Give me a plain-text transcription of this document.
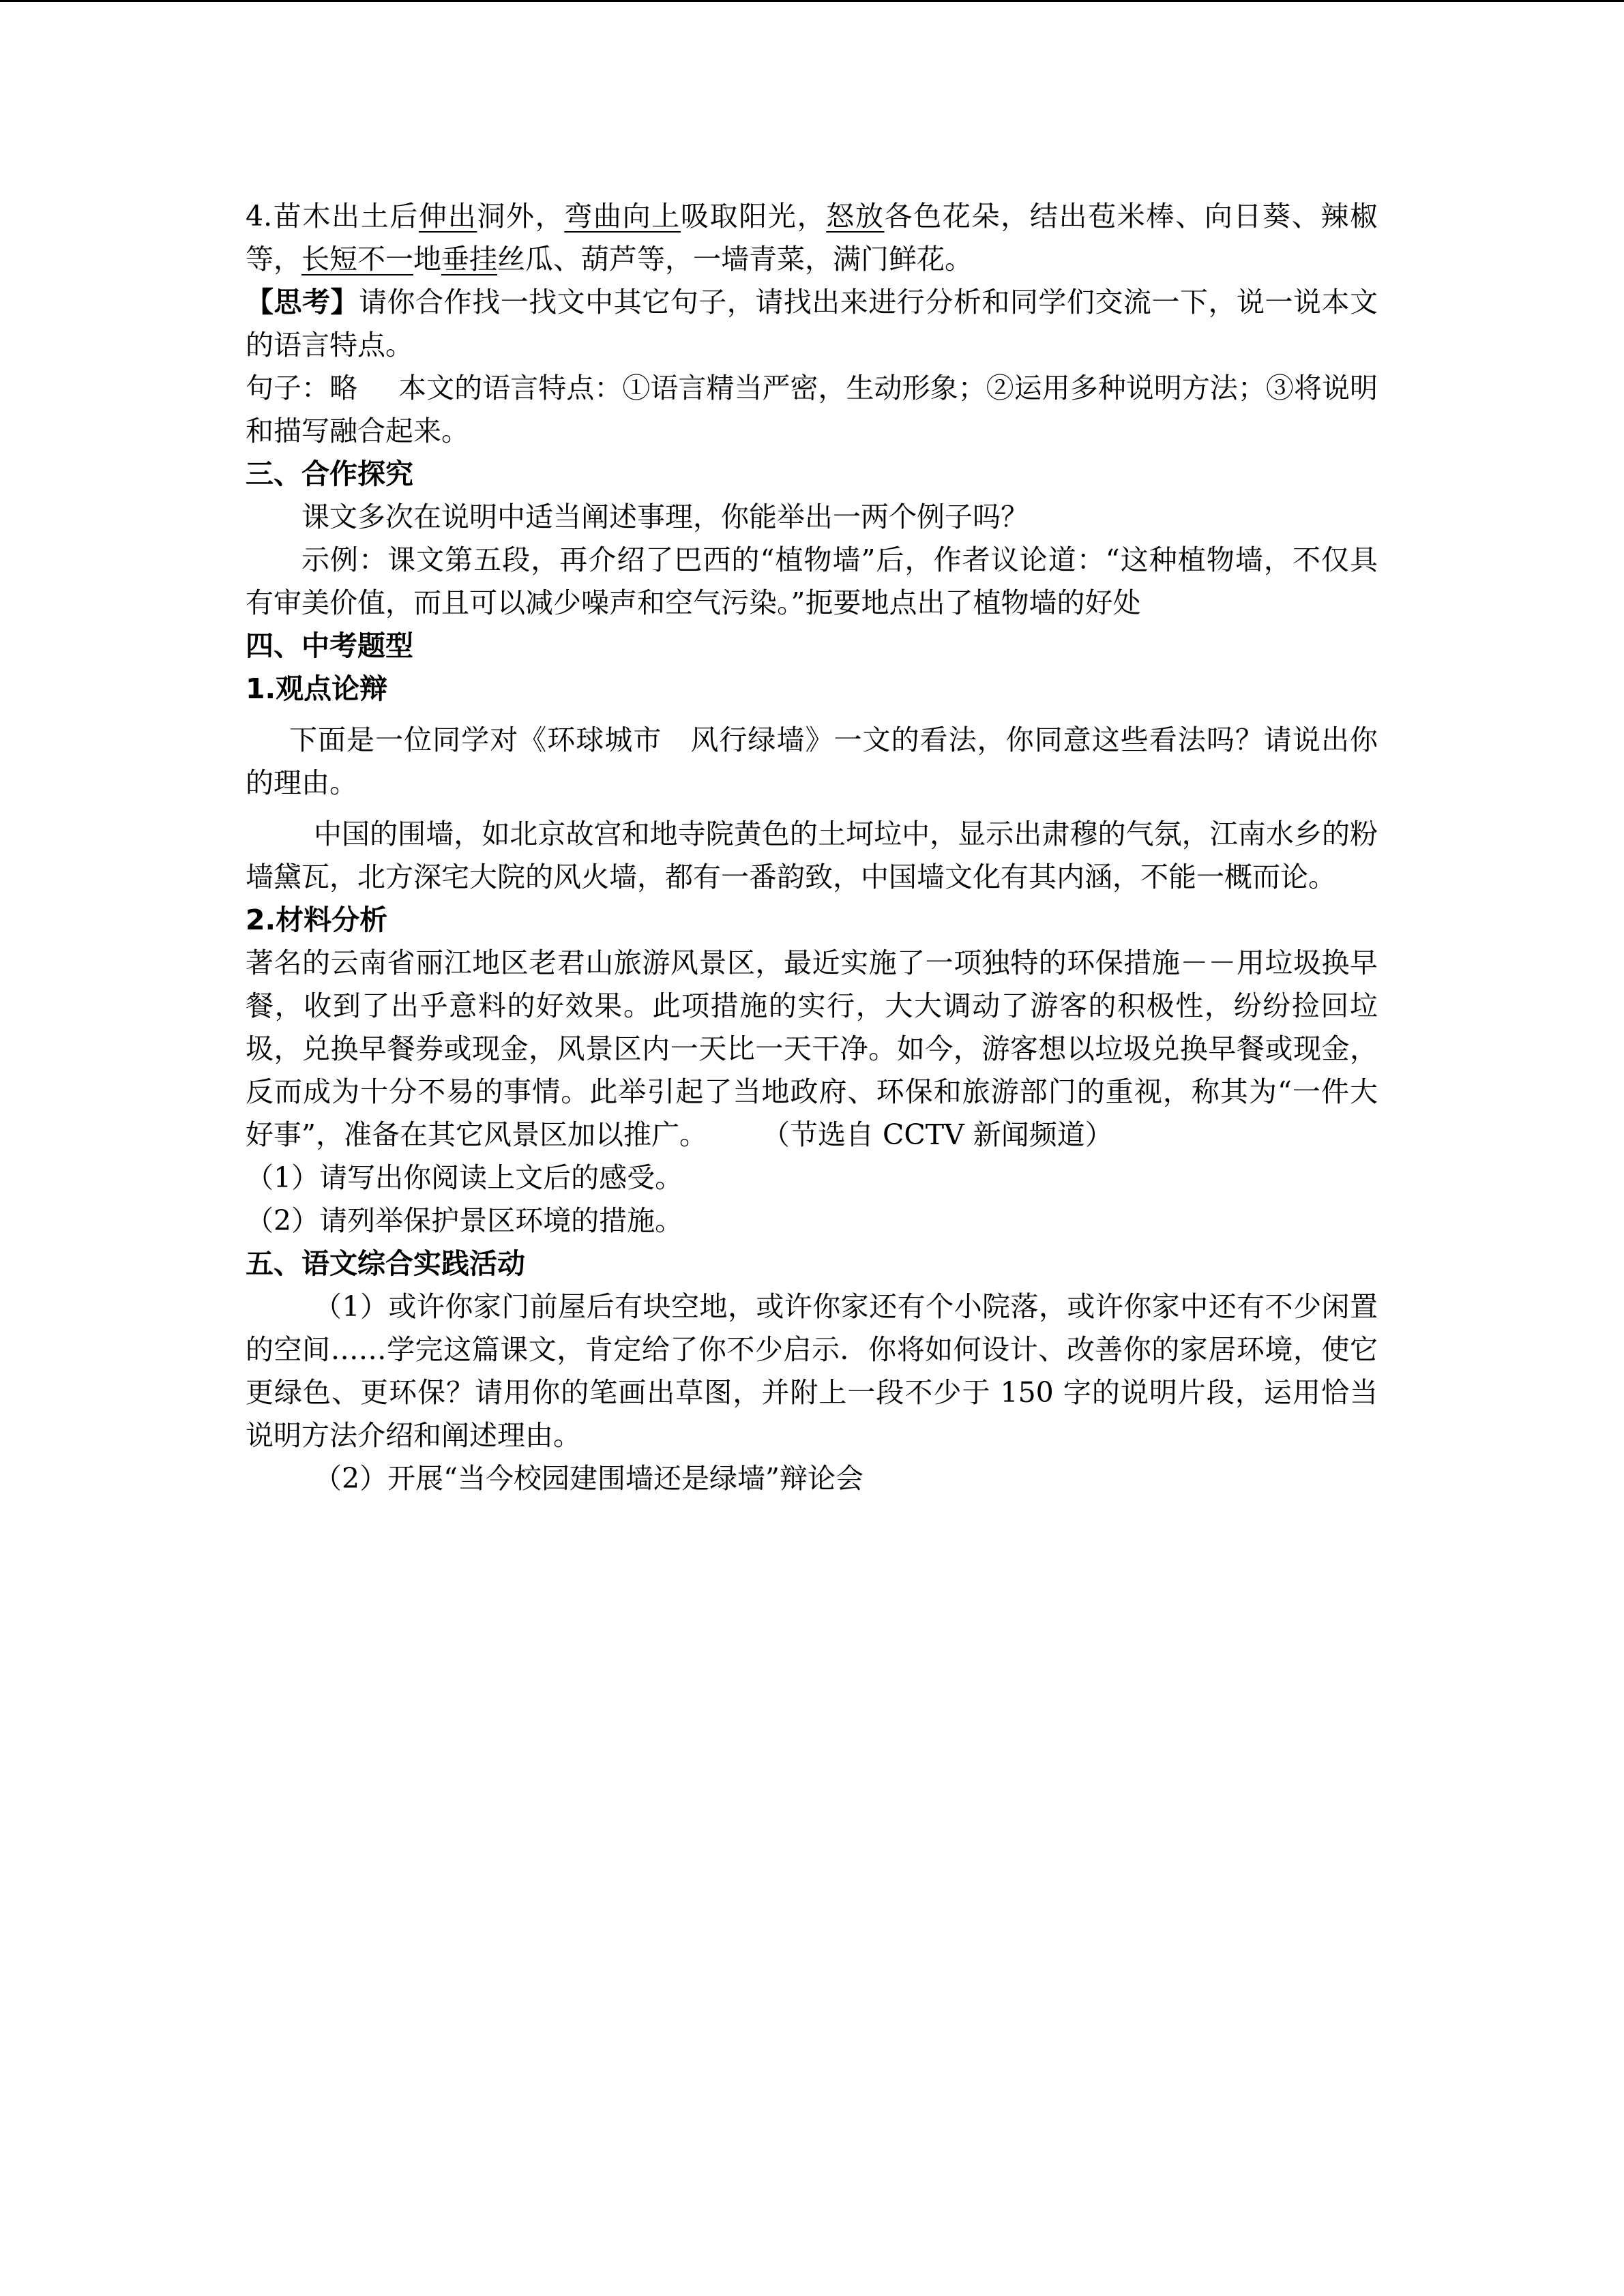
4.苗木出土后伸出洞外，弯曲向上吸取阳光，怒放各色花朵，结出苞米棒、向日葵、辣椒等，长短不一地垂挂丝瓜、葫芦等，一墙青菜，满门鲜花。

【思考】请你合作找一找文中其它句子，请找出来进行分析和同学们交流一下，说一说本文的语言特点。

句子：略 本文的语言特点：①语言精当严密，生动形象；②运用多种说明方法；③将说明和描写融合起来。

三、合作探究

课文多次在说明中适当阐述事理，你能举出一两个例子吗？

示例：课文第五段，再介绍了巴西的“植物墙”后，作者议论道：“这种植物墙，不仅具有审美价值，而且可以减少噪声和空气污染。”扼要地点出了植物墙的好处

四、中考题型

1.观点论辩

下面是一位同学对《环球城市　风行绿墙》一文的看法，你同意这些看法吗？请说出你的理由。

中国的围墙，如北京故宫和地寺院黄色的土坷垃中，显示出肃穆的气氛，江南水乡的粉墙黛瓦，北方深宅大院的风火墙，都有一番韵致，中国墙文化有其内涵，不能一概而论。

2.材料分析

著名的云南省丽江地区老君山旅游风景区，最近实施了一项独特的环保措施－－用垃圾换早餐，收到了出乎意料的好效果。此项措施的实行，大大调动了游客的积极性，纷纷捡回垃圾，兑换早餐券或现金，风景区内一天比一天干净。如今，游客想以垃圾兑换早餐或现金，反而成为十分不易的事情。此举引起了当地政府、环保和旅游部门的重视，称其为“一件大好事”，准备在其它风景区加以推广。 （节选自 CCTV 新闻频道）

（1）请写出你阅读上文后的感受。

（2）请列举保护景区环境的措施。

五、语文综合实践活动

（1）或许你家门前屋后有块空地，或许你家还有个小院落，或许你家中还有不少闲置的空间……学完这篇课文，肯定给了你不少启示．你将如何设计、改善你的家居环境，使它更绿色、更环保？请用你的笔画出草图，并附上一段不少于 150 字的说明片段，运用恰当说明方法介绍和阐述理由。

（2）开展“当今校园建围墙还是绿墙”辩论会
